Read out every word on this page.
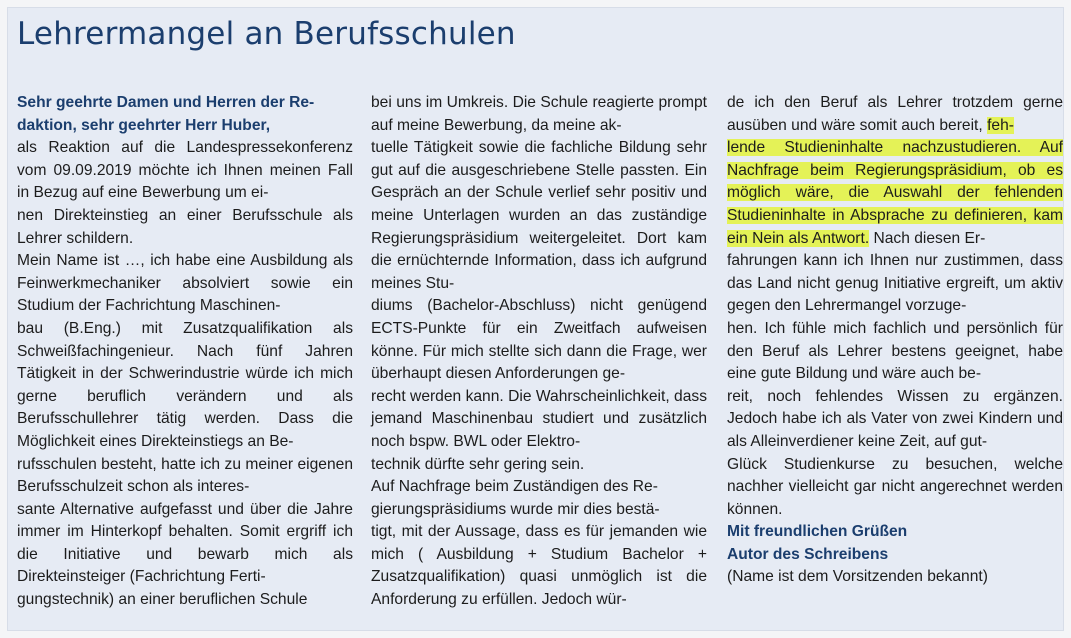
Lehrermangel an Berufsschulen

Sehr geehrte Damen und Herren der Re-
daktion, sehr geehrter Herr Huber,

als Reaktion auf die Landespressekonferenz vom 09.09.2019 möchte ich Ihnen meinen Fall in Bezug auf eine Bewerbung um ei-
nen Direkteinstieg an einer Berufsschule als Lehrer schildern.

Mein Name ist …, ich habe eine Ausbildung als Feinwerkmechaniker absolviert sowie ein Studium der Fachrichtung Maschinen-
bau (B.Eng.) mit Zusatzqualifikation als Schweißfachingenieur. Nach fünf Jahren Tätigkeit in der Schwerindustrie würde ich mich gerne beruflich verändern und als Berufsschullehrer tätig werden. Dass die Möglichkeit eines Direkteinstiegs an Be-
rufsschulen besteht, hatte ich zu meiner eigenen Berufsschulzeit schon als interes-
sante Alternative aufgefasst und über die Jahre immer im Hinterkopf behalten. Somit ergriff ich die Initiative und bewarb mich als Direkteinsteiger (Fachrichtung Ferti-
gungstechnik) an einer beruflichen Schule

bei uns im Umkreis. Die Schule reagierte prompt auf meine Bewerbung, da meine ak-
tuelle Tätigkeit sowie die fachliche Bildung sehr gut auf die ausgeschriebene Stelle passten. Ein Gespräch an der Schule verlief sehr positiv und meine Unterlagen wurden an das zuständige Regierungspräsidium weitergeleitet. Dort kam die ernüchternde Information, dass ich aufgrund meines Stu-
diums (Bachelor-Abschluss) nicht genügend ECTS-Punkte für ein Zweitfach aufweisen könne. Für mich stellte sich dann die Frage, wer überhaupt diesen Anforderungen ge-
recht werden kann. Die Wahrscheinlichkeit, dass jemand Maschinenbau studiert und zusätzlich noch bspw. BWL oder Elektro-
technik dürfte sehr gering sein.

Auf Nachfrage beim Zuständigen des Re-
gierungspräsidiums wurde mir dies bestä-
tigt, mit der Aussage, dass es für jemanden wie mich ( Ausbildung + Studium Bachelor + Zusatzqualifikation) quasi unmöglich ist die Anforderung zu erfüllen. Jedoch wür-

de ich den Beruf als Lehrer trotzdem gerne ausüben und wäre somit auch bereit, feh-
lende Studieninhalte nachzustudieren. Auf Nachfrage beim Regierungspräsidium, ob es möglich wäre, die Auswahl der fehlenden Studieninhalte in Absprache zu definieren, kam ein Nein als Antwort. Nach diesen Er-
fahrungen kann ich Ihnen nur zustimmen, dass das Land nicht genug Initiative ergreift, um aktiv gegen den Lehrermangel vorzuge-
hen. Ich fühle mich fachlich und persönlich für den Beruf als Lehrer bestens geeignet, habe eine gute Bildung und wäre auch be-
reit, noch fehlendes Wissen zu ergänzen. Jedoch habe ich als Vater von zwei Kindern und als Alleinverdiener keine Zeit, auf gut-
Glück Studienkurse zu besuchen, welche nachher vielleicht gar nicht angerechnet werden können.

Mit freundlichen Grüßen
Autor des Schreibens

(Name ist dem Vorsitzenden bekannt)
